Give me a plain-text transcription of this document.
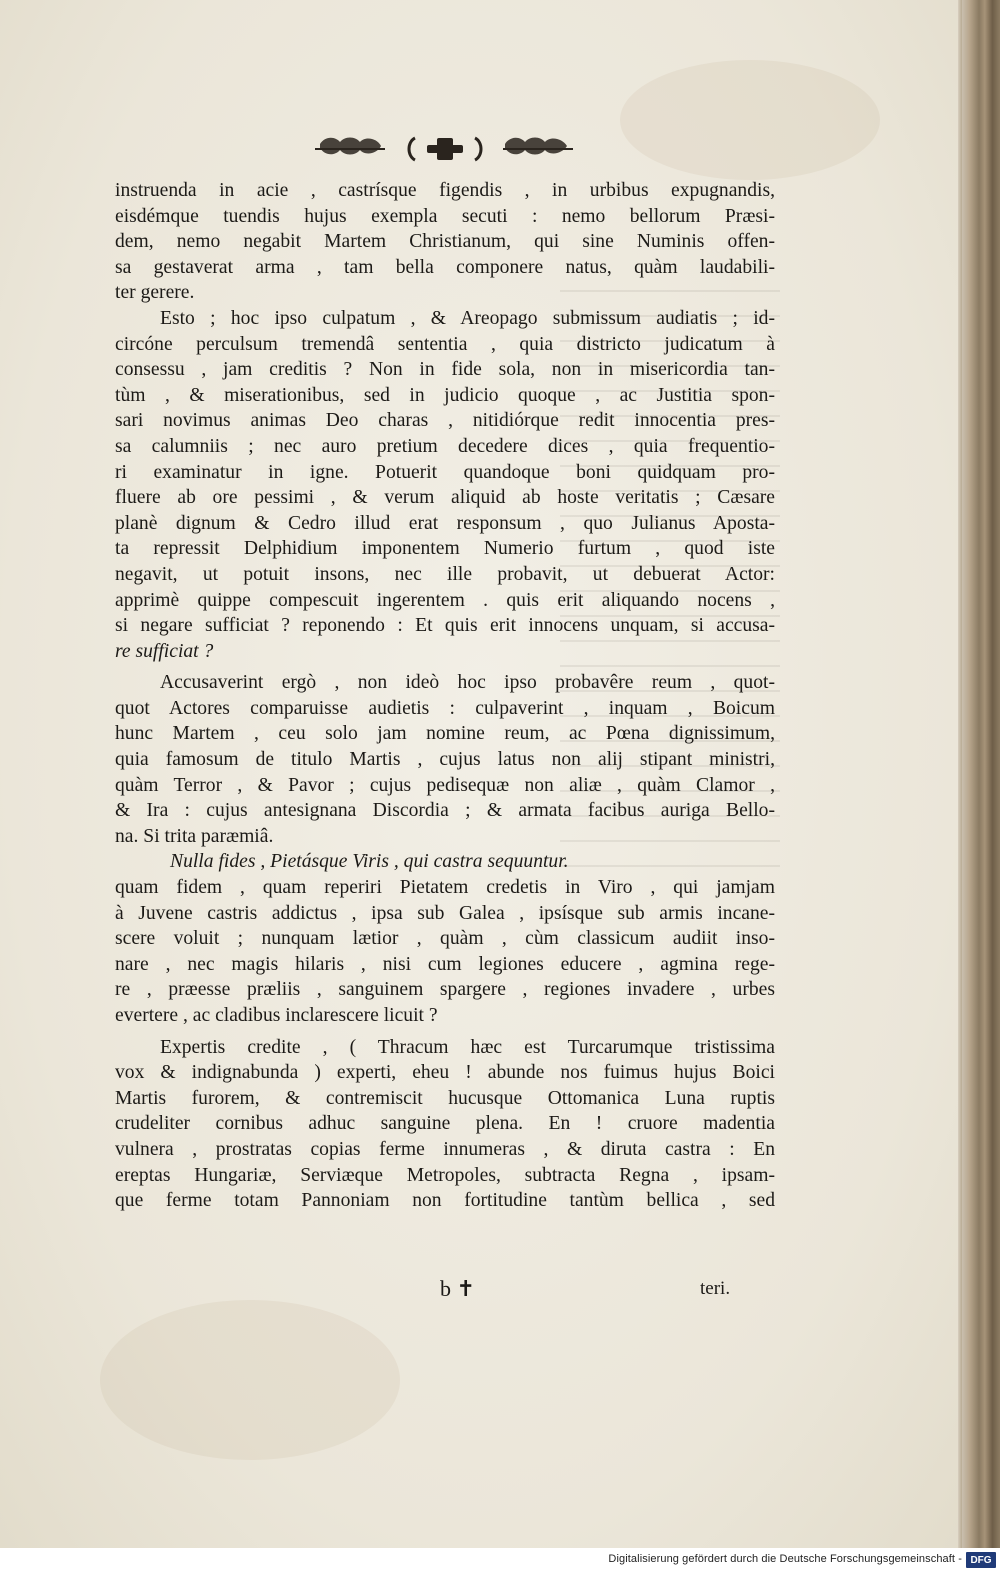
instruenda in acie , castrísque figendis , in urbibus expugnandis,
eisdémque tuendis hujus exempla secuti : nemo bellorum Præsi-
dem, nemo negabit Martem Christianum, qui sine Numinis offen-
sa gestaverat arma , tam bella componere natus, quàm laudabili-
ter gerere.
Esto ; hoc ipso culpatum , & Areopago submissum audiatis ; id-
circóne perculsum tremendâ sententia , quia districto judicatum à
consessu , jam creditis ? Non in fide sola, non in misericordia tan-
tùm , & miserationibus, sed in judicio quoque , ac Justitia spon-
sari novimus animas Deo charas , nitidiórque redit innocentia pres-
sa calumniis ; nec auro pretium decedere dices , quia frequentio-
ri examinatur in igne. Potuerit quandoque boni quidquam pro-
fluere ab ore pessimi , & verum aliquid ab hoste veritatis ; Cæsare
planè dignum & Cedro illud erat responsum , quo Julianus Aposta-
ta repressit Delphidium imponentem Numerio furtum , quod iste
negavit, ut potuit insons, nec ille probavit, ut debuerat Actor:
apprimè quippe compescuit ingerentem . quis erit aliquando nocens ,
si negare sufficiat ? reponendo : Et quis erit innocens unquam, si accusa-
re sufficiat ?
Accusaverint ergò , non ideò hoc ipso probavêre reum , quot-
quot Actores comparuisse audietis : culpaverint , inquam , Boicum
hunc Martem , ceu solo jam nomine reum, ac Pœna dignissimum,
quia famosum de titulo Martis , cujus latus non alij stipant ministri,
quàm Terror , & Pavor ; cujus pedisequæ non aliæ , quàm Clamor ,
& Ira : cujus antesignana Discordia ; & armata facibus auriga Bello-
na. Si trita paræmiâ.
Nulla fides , Pietásque Viris , qui castra sequuntur.
quam fidem , quam reperiri Pietatem credetis in Viro , qui jamjam
à Juvene castris addictus , ipsa sub Galea , ipsísque sub armis incane-
scere voluit ; nunquam lætior , quàm , cùm classicum audiit inso-
nare , nec magis hilaris , nisi cum legiones educere , agmina rege-
re , præesse præliis , sanguinem spargere , regiones invadere , urbes
evertere , ac cladibus inclarescere licuit ?
Expertis credite , ( Thracum hæc est Turcarumque tristissima
vox & indignabunda ) experti, eheu ! abunde nos fuimus hujus Boici
Martis furorem, & contremiscit hucusque Ottomanica Luna ruptis
crudeliter cornibus adhuc sanguine plena. En ! cruore madentia
vulnera , prostratas copias ferme innumeras , & diruta castra : En
ereptas Hungariæ, Serviæque Metropoles, subtracta Regna , ipsam-
que ferme totam Pannoniam non fortitudine tantùm bellica , sed
b ✝	teri.
Digitalisierung gefördert durch die Deutsche Forschungsgemeinschaft - DFG
